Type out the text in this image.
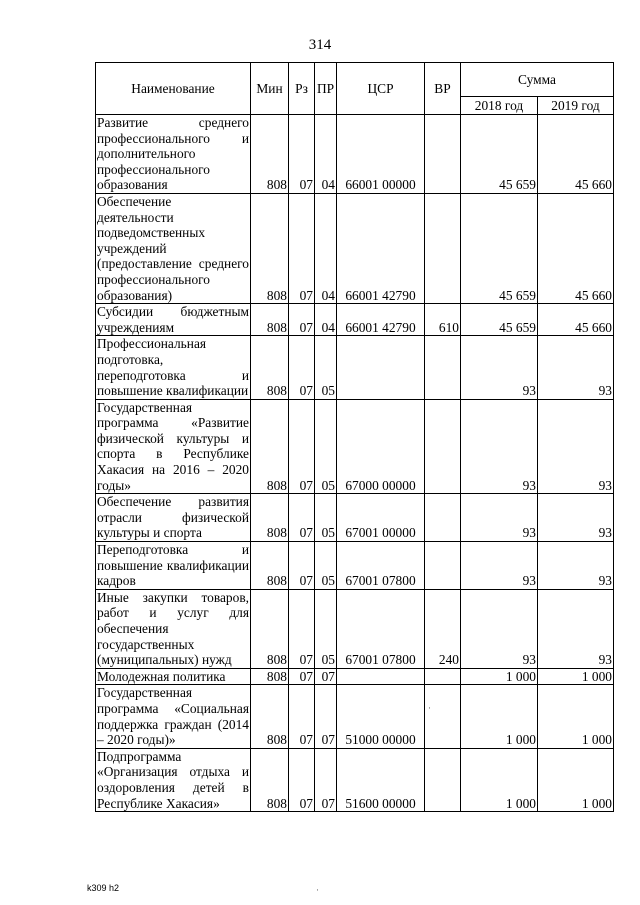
314
Наименование	Мин	Рз	ПР	ЦСР	ВР	Сумма	
						2018 год	2019 год
Развитие среднего профессионального и дополнительного профессионального образования	808	07	04	66001 00000		45 659	45 660
Обеспечение деятельности подведомственных учреждений (предоставление среднего профессионального образования)	808	07	04	66001 42790		45 659	45 660
Субсидии бюджетным учреждениям	808	07	04	66001 42790	610	45 659	45 660
Профессиональная подготовка, переподготовка и повышение квалификации	808	07	05			93	93
Государственная программа «Развитие физической культуры и спорта в Республике Хакасия на 2016 – 2020 годы»	808	07	05	67000 00000		93	93
Обеспечение развития отрасли физической культуры и спорта	808	07	05	67001 00000		93	93
Переподготовка и повышение квалификации кадров	808	07	05	67001 07800		93	93
Иные закупки товаров, работ и услуг для обеспечения государственных (муниципальных) нужд	808	07	05	67001 07800	240	93	93
Молодежная политика	808	07	07			1 000	1 000
Государственная программа «Социальная поддержка граждан (2014 – 2020 годы)»	808	07	07	51000 00000		1 000	1 000
Подпрограмма «Организация отдыха и оздоровления детей в Республике Хакасия»	808	07	07	51600 00000		1 000	1 000
k309 h2
·
·
